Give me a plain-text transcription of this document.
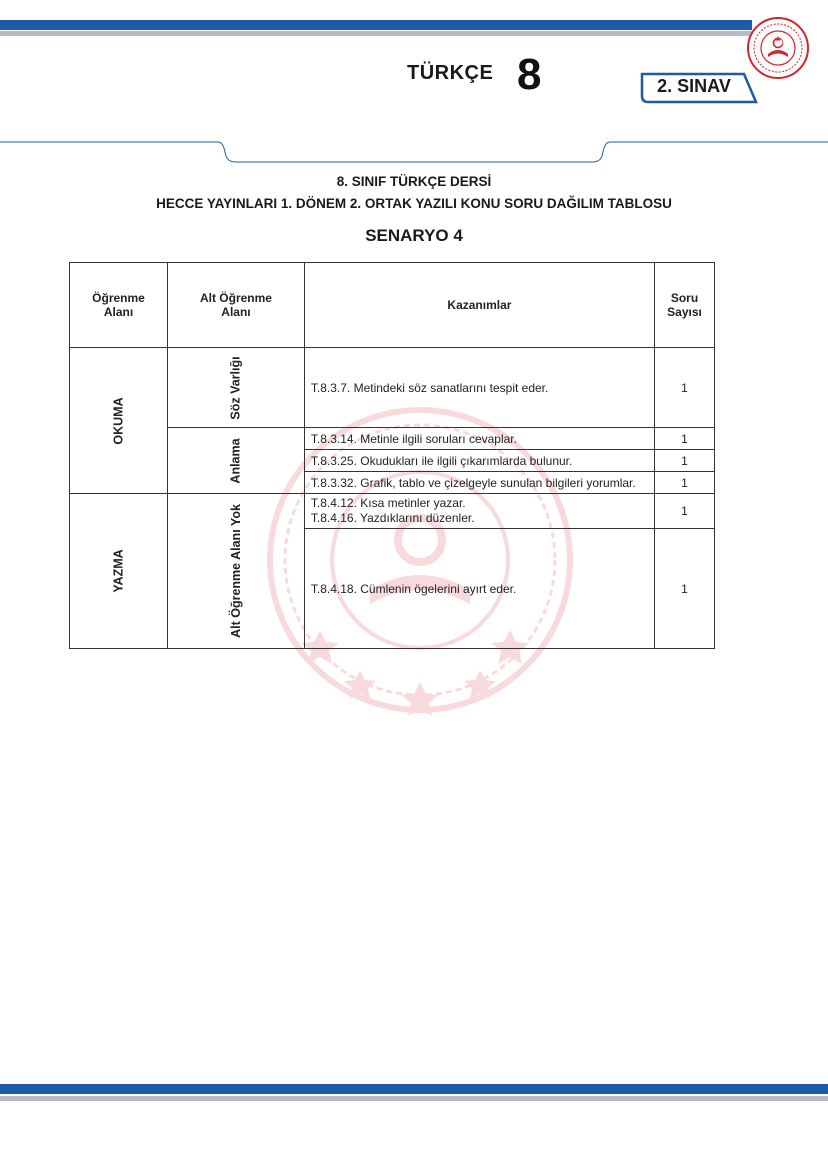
TÜRKÇE 8	2. SINAV
8. SINIF TÜRKÇE DERSİ
HECCE YAYINLARI 1. DÖNEM 2. ORTAK YAZILI KONU SORU DAĞILIM TABLOSU
SENARYO 4
Öğrenme Alanı	Alt Öğrenme Alanı	Kazanımlar	Soru Sayısı
OKUMA	Söz Varlığı	T.8.3.7. Metindeki söz sanatlarını tespit eder.	1
	Anlama	T.8.3.14. Metinle ilgili soruları cevaplar.	1
		T.8.3.25. Okudukları ile ilgili çıkarımlarda bulunur.	1
		T.8.3.32. Grafik, tablo ve çizelgeyle sunulan bilgileri yorumlar.	1
YAZMA	Alt Öğrenme Alanı Yok	T.8.4.12. Kısa metinler yazar.
T.8.4.16. Yazdıklarını düzenler.	1
		T.8.4.18. Cümlenin ögelerini ayırt eder.	1
